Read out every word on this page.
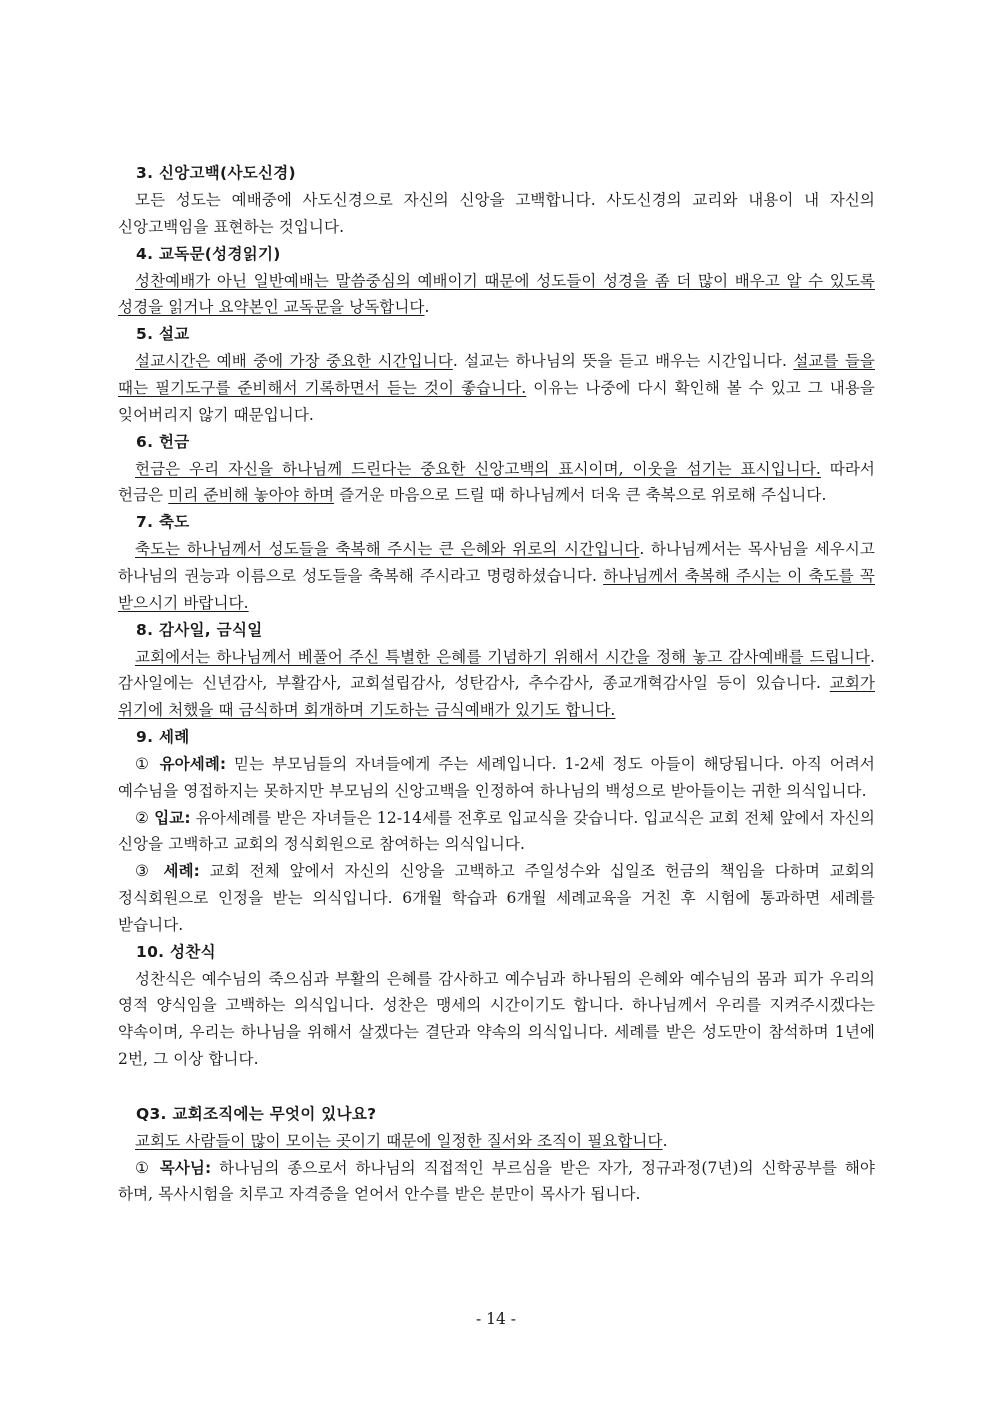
3. 신앙고백(사도신경)
모든 성도는 예배중에 사도신경으로 자신의 신앙을 고백합니다. 사도신경의 교리와 내용이 내 자신의 신앙고백임을 표현하는 것입니다.
4. 교독문(성경읽기)
성찬예배가 아닌 일반예배는 말씀중심의 예배이기 때문에 성도들이 성경을 좀 더 많이 배우고 알 수 있도록 성경을 읽거나 요약본인 교독문을 낭독합니다.
5. 설교
설교시간은 예배 중에 가장 중요한 시간입니다. 설교는 하나님의 뜻을 듣고 배우는 시간입니다. 설교를 들을 때는 필기도구를 준비해서 기록하면서 듣는 것이 좋습니다. 이유는 나중에 다시 확인해 볼 수 있고 그 내용을 잊어버리지 않기 때문입니다.
6. 헌금
헌금은 우리 자신을 하나님께 드린다는 중요한 신앙고백의 표시이며, 이웃을 섬기는 표시입니다. 따라서 헌금은 미리 준비해 놓아야 하며 즐거운 마음으로 드릴 때 하나님께서 더욱 큰 축복으로 위로해 주십니다.
7. 축도
축도는 하나님께서 성도들을 축복해 주시는 큰 은혜와 위로의 시간입니다. 하나님께서는 목사님을 세우시고 하나님의 권능과 이름으로 성도들을 축복해 주시라고 명령하셨습니다. 하나님께서 축복해 주시는 이 축도를 꼭 받으시기 바랍니다.
8. 감사일, 금식일
교회에서는 하나님께서 베풀어 주신 특별한 은혜를 기념하기 위해서 시간을 정해 놓고 감사예배를 드립니다. 감사일에는 신년감사, 부활감사, 교회설립감사, 성탄감사, 추수감사, 종교개혁감사일 등이 있습니다. 교회가 위기에 처했을 때 금식하며 회개하며 기도하는 금식예배가 있기도 합니다.
9. 세례
① 유아세례: 믿는 부모님들의 자녀들에게 주는 세례입니다. 1-2세 정도 아들이 해당됩니다. 아직 어려서 예수님을 영접하지는 못하지만 부모님의 신앙고백을 인정하여 하나님의 백성으로 받아들이는 귀한 의식입니다.
② 입교: 유아세례를 받은 자녀들은 12-14세를 전후로 입교식을 갖습니다. 입교식은 교회 전체 앞에서 자신의 신앙을 고백하고 교회의 정식회원으로 참여하는 의식입니다.
③ 세례: 교회 전체 앞에서 자신의 신앙을 고백하고 주일성수와 십일조 헌금의 책임을 다하며 교회의 정식회원으로 인정을 받는 의식입니다. 6개월 학습과 6개월 세례교육을 거친 후 시험에 통과하면 세례를 받습니다.
10. 성찬식
성찬식은 예수님의 죽으심과 부활의 은혜를 감사하고 예수님과 하나됨의 은혜와 예수님의 몸과 피가 우리의 영적 양식임을 고백하는 의식입니다. 성찬은 맹세의 시간이기도 합니다. 하나님께서 우리를 지켜주시겠다는 약속이며, 우리는 하나님을 위해서 살겠다는 결단과 약속의 의식입니다. 세례를 받은 성도만이 참석하며 1년에 2번, 그 이상 합니다.
Q3. 교회조직에는 무엇이 있나요?
교회도 사람들이 많이 모이는 곳이기 때문에 일정한 질서와 조직이 필요합니다.
① 목사님: 하나님의 종으로서 하나님의 직접적인 부르심을 받은 자가, 정규과정(7년)의 신학공부를 해야 하며, 목사시험을 치루고 자격증을 얻어서 안수를 받은 분만이 목사가 됩니다.
- 14 -
